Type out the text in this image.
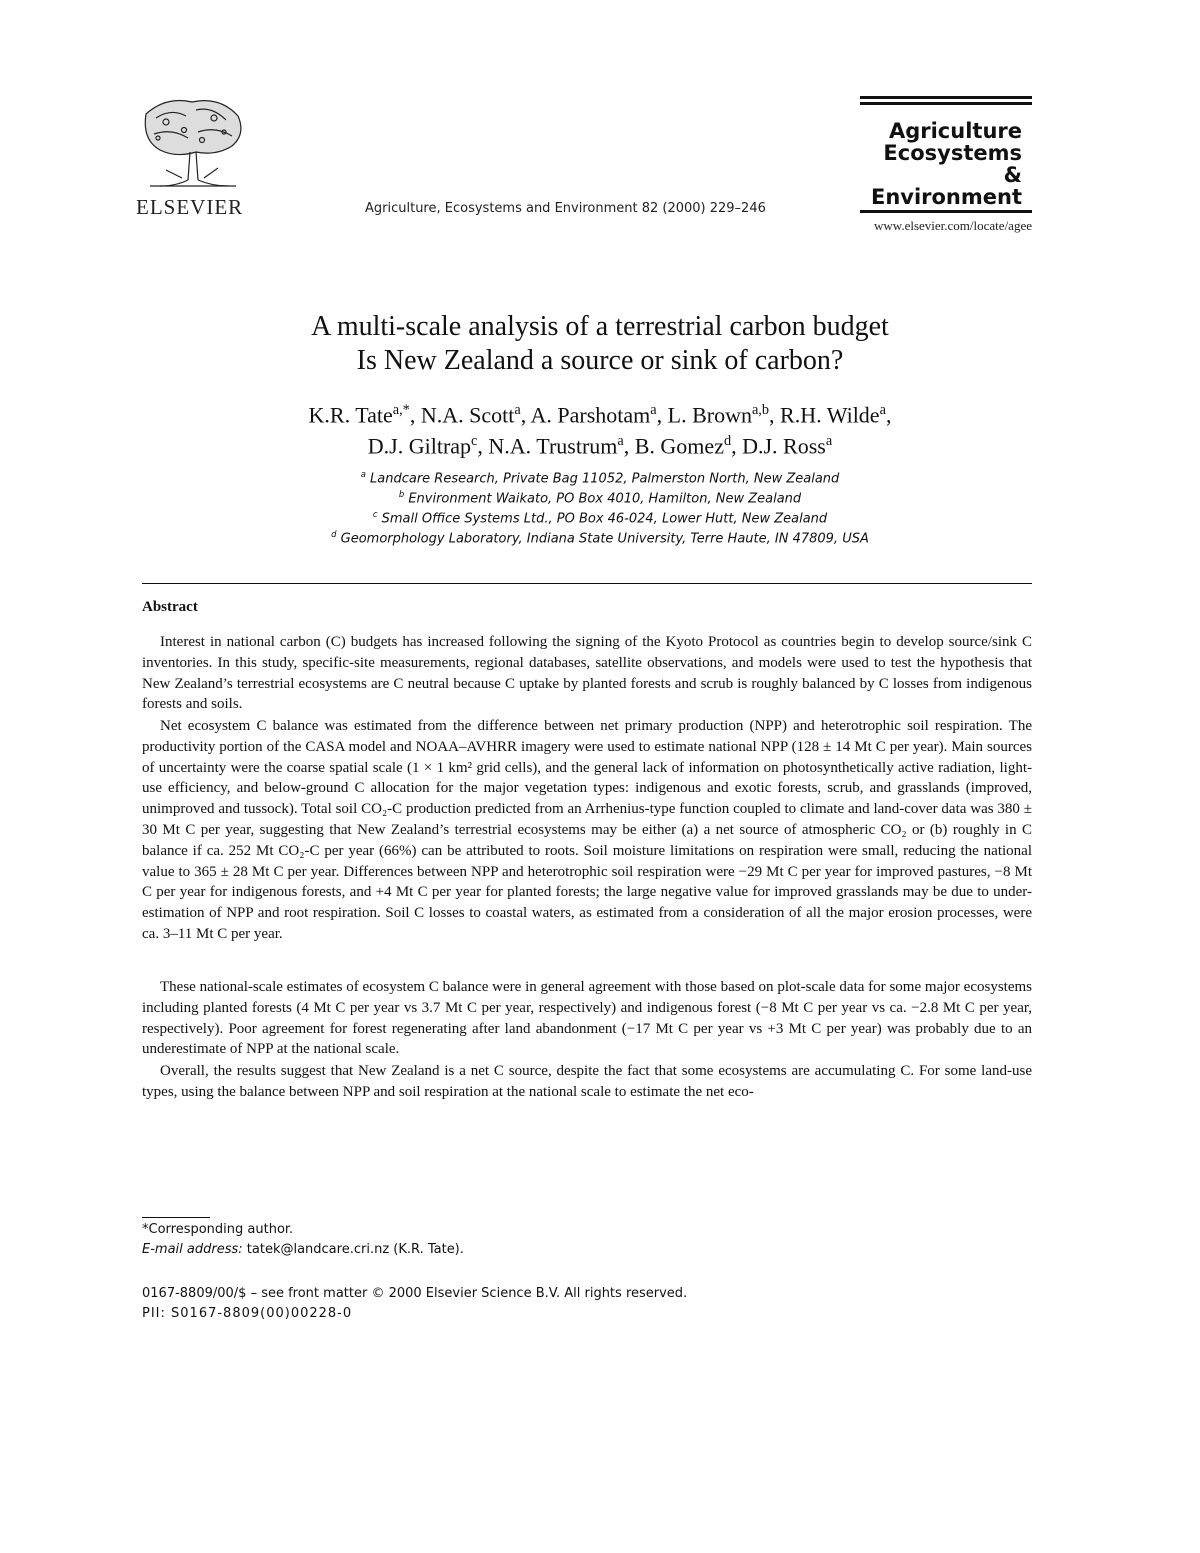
ELSEVIER	Agriculture, Ecosystems and Environment 82 (2000) 229–246
Agriculture
Ecosystems &
Environment
www.elsevier.com/locate/agee
A multi-scale analysis of a terrestrial carbon budget
Is New Zealand a source or sink of carbon?
K.R. Tate$^{a,*}$, N.A. Scott$^a$, A. Parshotam$^a$, L. Brown$^{a,b}$, R.H. Wilde$^a$,
D.J. Giltrap$^c$, N.A. Trustrum$^a$, B. Gomez$^d$, D.J. Ross$^a$
$^a$ Landcare Research, Private Bag 11052, Palmerston North, New Zealand
$^b$ Environment Waikato, PO Box 4010, Hamilton, New Zealand
$^c$ Small Office Systems Ltd., PO Box 46-024, Lower Hutt, New Zealand
$^d$ Geomorphology Laboratory, Indiana State University, Terre Haute, IN 47809, USA
Abstract

Interest in national carbon (C) budgets has increased following the signing of the Kyoto Protocol as countries begin to develop source/sink C inventories. In this study, specific-site measurements, regional databases, satellite observations, and models were used to test the hypothesis that New Zealand’s terrestrial ecosystems are C neutral because C uptake by planted forests and scrub is roughly balanced by C losses from indigenous forests and soils.

Net ecosystem C balance was estimated from the difference between net primary production (NPP) and heterotrophic soil respiration. The productivity portion of the CASA model and NOAA–AVHRR imagery were used to estimate national NPP (128 ± 14 Mt C per year). Main sources of uncertainty were the coarse spatial scale (1 × 1 km² grid cells), and the general lack of information on photosynthetically active radiation, light-use efficiency, and below-ground C allocation for the major vegetation types: indigenous and exotic forests, scrub, and grasslands (improved, unimproved and tussock). Total soil CO₂-C production predicted from an Arrhenius-type function coupled to climate and land-cover data was 380 ± 30 Mt C per year, suggesting that New Zealand’s terrestrial ecosystems may be either (a) a net source of atmospheric CO₂ or (b) roughly in C balance if ca. 252 Mt CO₂-C per year (66%) can be attributed to roots. Soil moisture limitations on respiration were small, reducing the national value to 365 ± 28 Mt C per year. Differences between NPP and heterotrophic soil respiration were −29 Mt C per year for improved pastures, −8 Mt C per year for indigenous forests, and +4 Mt C per year for planted forests; the large negative value for improved grasslands may be due to under-estimation of NPP and root respiration. Soil C losses to coastal waters, as estimated from a consideration of all the major erosion processes, were ca. 3–11 Mt C per year.

These national-scale estimates of ecosystem C balance were in general agreement with those based on plot-scale data for some major ecosystems including planted forests (4 Mt C per year vs 3.7 Mt C per year, respectively) and indigenous forest (−8 Mt C per year vs ca. −2.8 Mt C per year, respectively). Poor agreement for forest regenerating after land abandonment (−17 Mt C per year vs +3 Mt C per year) was probably due to an underestimate of NPP at the national scale.

Overall, the results suggest that New Zealand is a net C source, despite the fact that some ecosystems are accumulating C. For some land-use types, using the balance between NPP and soil respiration at the national scale to estimate the net eco-

*Corresponding author.
E-mail address: tatek@landcare.cri.nz (K.R. Tate).
0167-8809/00/$ – see front matter © 2000 Elsevier Science B.V. All rights reserved.
PII: S0167-8809(00)00228-0
